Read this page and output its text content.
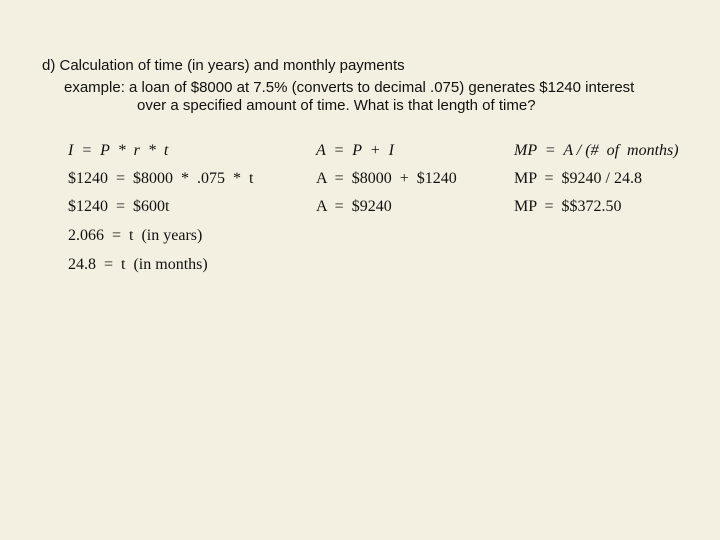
d) Calculation of time (in years) and monthly payments
example: a loan of $8000 at 7.5% (converts to decimal .075) generates $1240 interest
over a specified amount of time. What is that length of time?
I  =  P  *  r  *  t
$1240  =  $8000  *  .075  *  t
$1240  =  $600t
2.066  =  t  (in years)
24.8  =  t  (in months)
A  =  P  +  I
A  =  $8000  +  $1240
A  =  $9240
MP  =  A / (#  of  months)
MP  =  $9240 / 24.8
MP  =  $$372.50
